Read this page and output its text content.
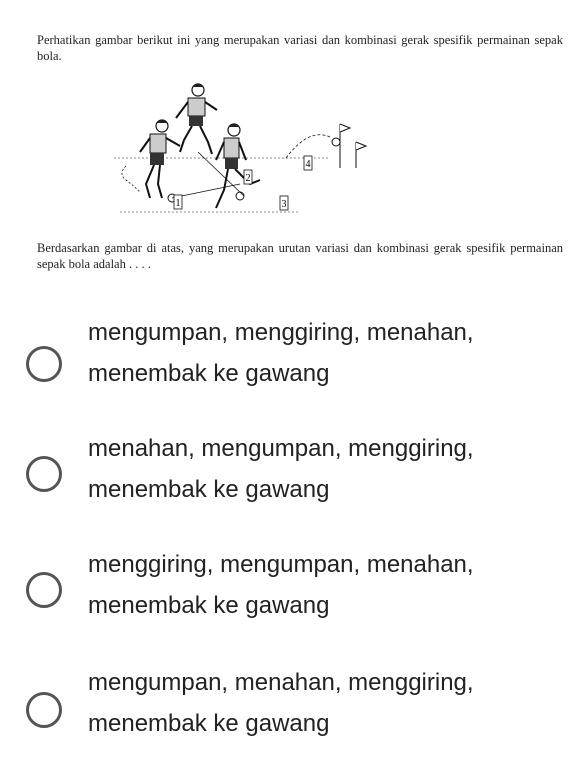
Perhatikan gambar berikut ini yang merupakan variasi dan kombinasi gerak spesifik permainan sepak bola.

1
2
3
4

Berdasarkan gambar di atas, yang merupakan urutan variasi dan kombinasi gerak spesifik permainan sepak bola adalah . . . .

mengumpan, menggiring, menahan, menembak ke gawang

menahan, mengumpan, menggiring, menembak ke gawang

menggiring, mengumpan, menahan, menembak ke gawang

mengumpan, menahan, menggiring, menembak ke gawang
